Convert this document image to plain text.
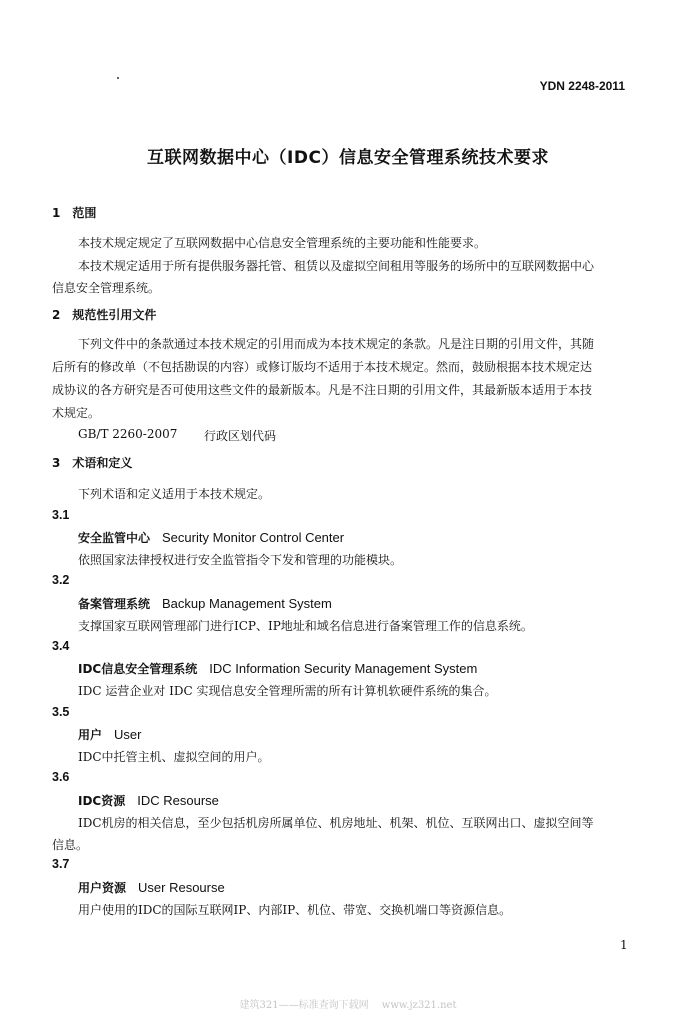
YDN 2248-2011
互联网数据中心（IDC）信息安全管理系统技术要求
1　范围
本技术规定规定了互联网数据中心信息安全管理系统的主要功能和性能要求。
本技术规定适用于所有提供服务器托管、租赁以及虚拟空间租用等服务的场所中的互联网数据中心
信息安全管理系统。
2　规范性引用文件
下列文件中的条款通过本技术规定的引用而成为本技术规定的条款。凡是注日期的引用文件，其随
后所有的修改单（不包括勘误的内容）或修订版均不适用于本技术规定。然而，鼓励根据本技术规定达
成协议的各方研究是否可使用这些文件的最新版本。凡是不注日期的引用文件，其最新版本适用于本技
术规定。
GB/T 2260-2007 行政区划代码
3　术语和定义
下列术语和定义适用于本技术规定。
3.1
安全监管中心 Security Monitor Control Center
依照国家法律授权进行安全监管指令下发和管理的功能模块。
3.2
备案管理系统 Backup Management System
支撑国家互联网管理部门进行ICP、IP地址和域名信息进行备案管理工作的信息系统。
3.4
IDC信息安全管理系统 IDC Information Security Management System
IDC 运营企业对 IDC 实现信息安全管理所需的所有计算机软硬件系统的集合。
3.5
用户 User
IDC中托管主机、虚拟空间的用户。
3.6
IDC资源 IDC Resourse
IDC机房的相关信息，至少包括机房所属单位、机房地址、机架、机位、互联网出口、虚拟空间等
信息。
3.7
用户资源 User Resourse
用户使用的IDC的国际互联网IP、内部IP、机位、带宽、交换机端口等资源信息。
1
建筑321——标准查询下载网　 www.jz321.net
